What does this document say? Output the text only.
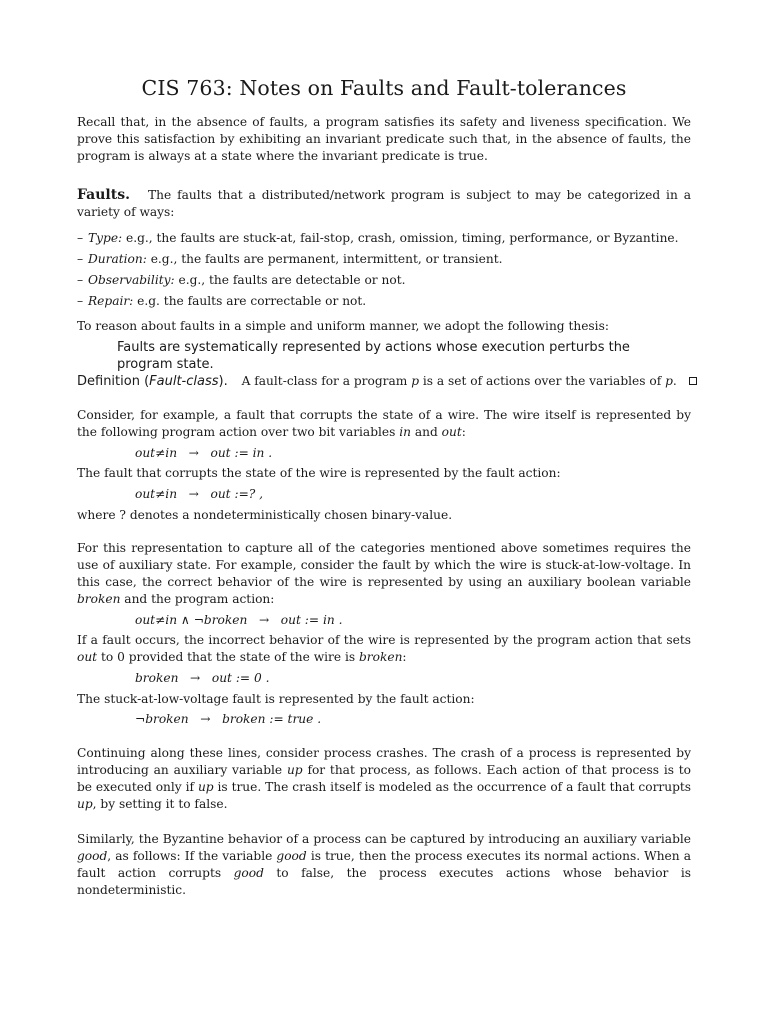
CIS 763: Notes on Faults and Fault-tolerances
Recall that, in the absence of faults, a program satisfies its safety and liveness specification. We prove this satisfaction by exhibiting an invariant predicate such that, in the absence of faults, the program is always at a state where the invariant predicate is true.
Faults. The faults that a distributed/network program is subject to may be categorized in a variety of ways:
– Type: e.g., the faults are stuck-at, fail-stop, crash, omission, timing, performance, or Byzantine.
– Duration: e.g., the faults are permanent, intermittent, or transient.
– Observability: e.g., the faults are detectable or not.
– Repair: e.g. the faults are correctable or not.
To reason about faults in a simple and uniform manner, we adopt the following thesis:
Faults are systematically represented by actions whose execution perturbs the program state.
Definition (Fault-class). A fault-class for a program p is a set of actions over the variables of p.
Consider, for example, a fault that corrupts the state of a wire. The wire itself is represented by the following program action over two bit variables in and out:
out≠in   →   out := in .
The fault that corrupts the state of the wire is represented by the fault action:
out≠in   →   out :=? ,
where ? denotes a nondeterministically chosen binary-value.
For this representation to capture all of the categories mentioned above sometimes requires the use of auxiliary state. For example, consider the fault by which the wire is stuck-at-low-voltage. In this case, the correct behavior of the wire is represented by using an auxiliary boolean variable broken and the program action:
out≠in ∧ ¬broken   →   out := in .
If a fault occurs, the incorrect behavior of the wire is represented by the program action that sets out to 0 provided that the state of the wire is broken:
broken   →   out := 0 .
The stuck-at-low-voltage fault is represented by the fault action:
¬broken   →   broken := true .
Continuing along these lines, consider process crashes. The crash of a process is represented by introducing an auxiliary variable up for that process, as follows. Each action of that process is to be executed only if up is true. The crash itself is modeled as the occurrence of a fault that corrupts up, by setting it to false.
Similarly, the Byzantine behavior of a process can be captured by introducing an auxiliary variable good, as follows: If the variable good is true, then the process executes its normal actions. When a fault action corrupts good to false, the process executes actions whose behavior is nondeterministic.
